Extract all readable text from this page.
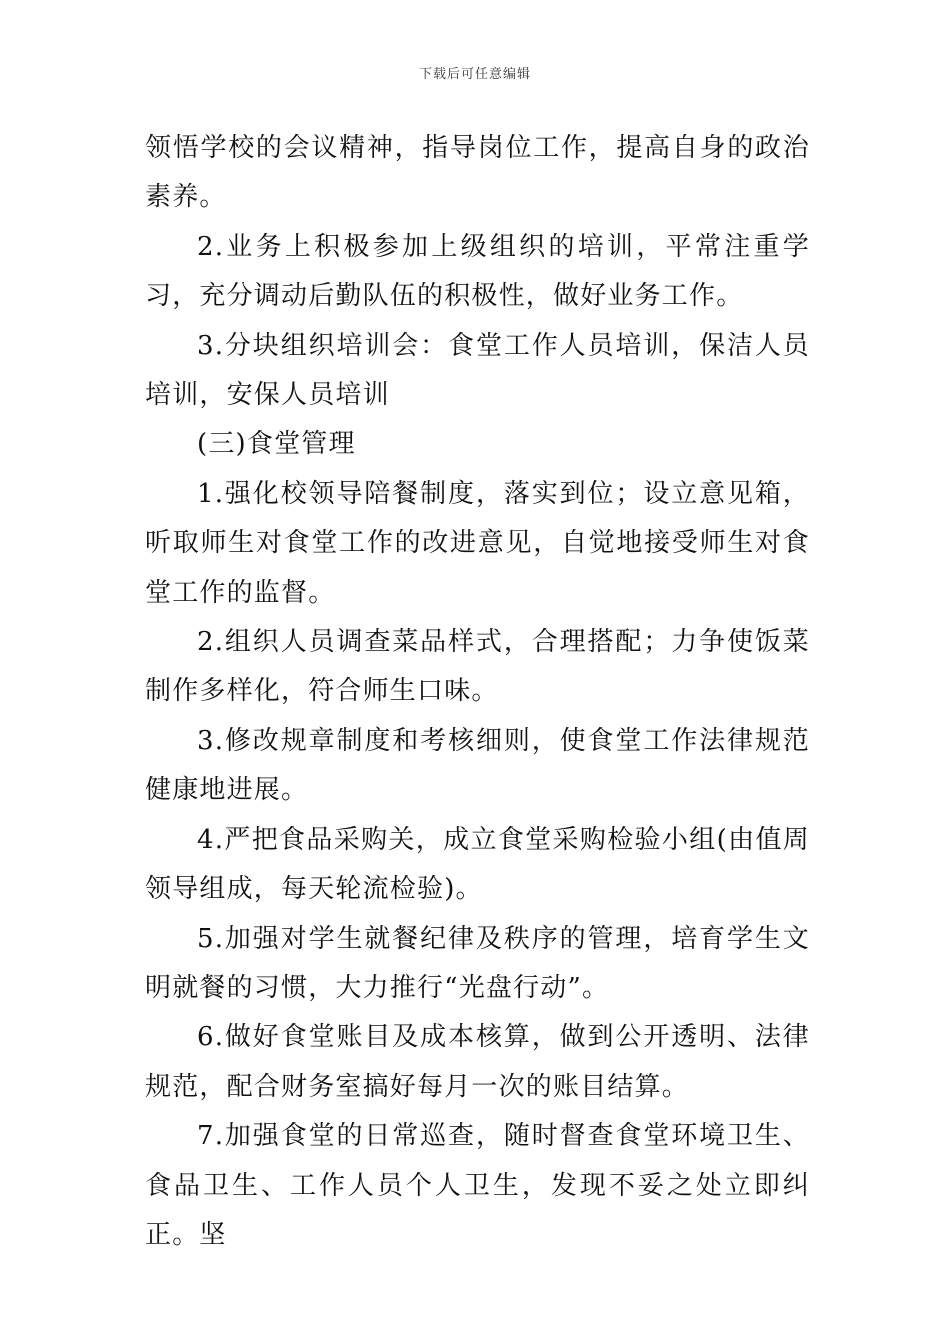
下载后可任意编辑

领悟学校的会议精神，指导岗位工作，提高自身的政治素养。

2.业务上积极参加上级组织的培训，平常注重学习，充分调动后勤队伍的积极性，做好业务工作。

3.分块组织培训会：食堂工作人员培训，保洁人员培训，安保人员培训

(三)食堂管理

1.强化校领导陪餐制度，落实到位；设立意见箱，听取师生对食堂工作的改进意见，自觉地接受师生对食堂工作的监督。

2.组织人员调查菜品样式，合理搭配；力争使饭菜制作多样化，符合师生口味。

3.修改规章制度和考核细则，使食堂工作法律规范健康地进展。

4.严把食品采购关，成立食堂采购检验小组(由值周领导组成，每天轮流检验)。

5.加强对学生就餐纪律及秩序的管理，培育学生文明就餐的习惯，大力推行“光盘行动”。

6.做好食堂账目及成本核算，做到公开透明、法律规范，配合财务室搞好每月一次的账目结算。

7.加强食堂的日常巡查，随时督查食堂环境卫生、食品卫生、工作人员个人卫生，发现不妥之处立即纠正。坚
